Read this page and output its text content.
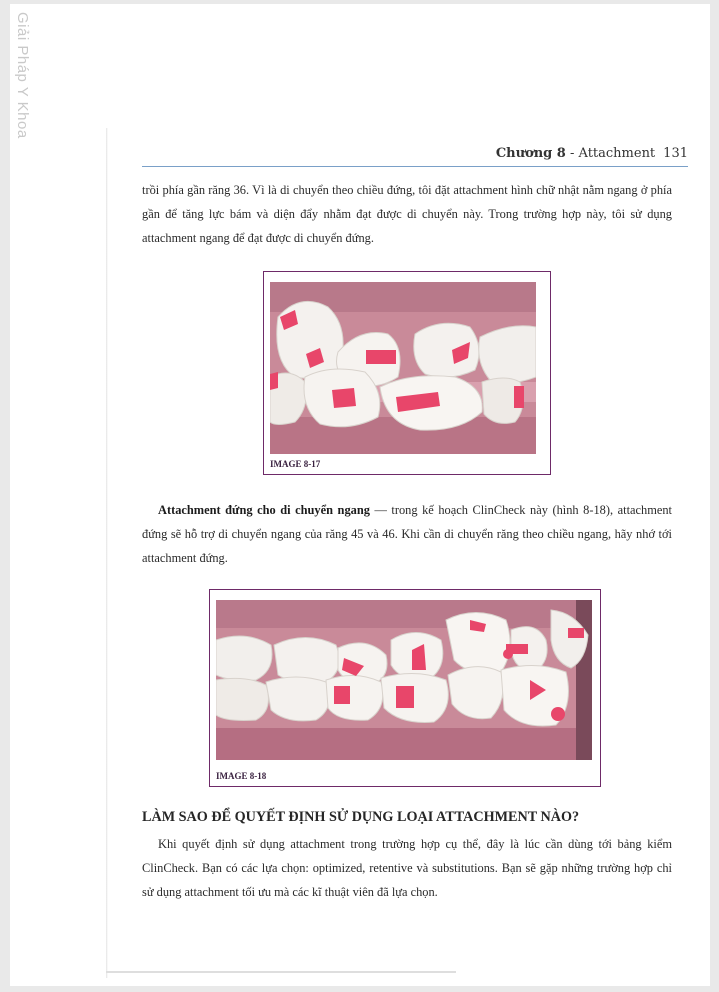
Giải Pháp Y Khoa
Chương 8 - Attachment 131

trồi phía gần răng 36. Vì là di chuyển theo chiều đứng, tôi đặt attachment hình chữ nhật nằm ngang ở phía gần để tăng lực bám và diện đẩy nhằm đạt được di chuyển này. Trong trường hợp này, tôi sử dụng attachment ngang để đạt được di chuyển đứng.

IMAGE 8-17

Attachment đứng cho di chuyển ngang — trong kế hoạch ClinCheck này (hình 8-18), attachment đứng sẽ hỗ trợ di chuyển ngang của răng 45 và 46. Khi cần di chuyển răng theo chiều ngang, hãy nhớ tới attachment đứng.

IMAGE 8-18
LÀM SAO ĐỂ QUYẾT ĐỊNH SỬ DỤNG LOẠI ATTACHMENT NÀO?

Khi quyết định sử dụng attachment trong trường hợp cụ thể, đây là lúc cần dùng tới bảng kiểm ClinCheck. Bạn có các lựa chọn: optimized, retentive và substitutions. Bạn sẽ gặp những trường hợp chỉ sử dụng attachment tối ưu mà các kĩ thuật viên đã lựa chọn.
